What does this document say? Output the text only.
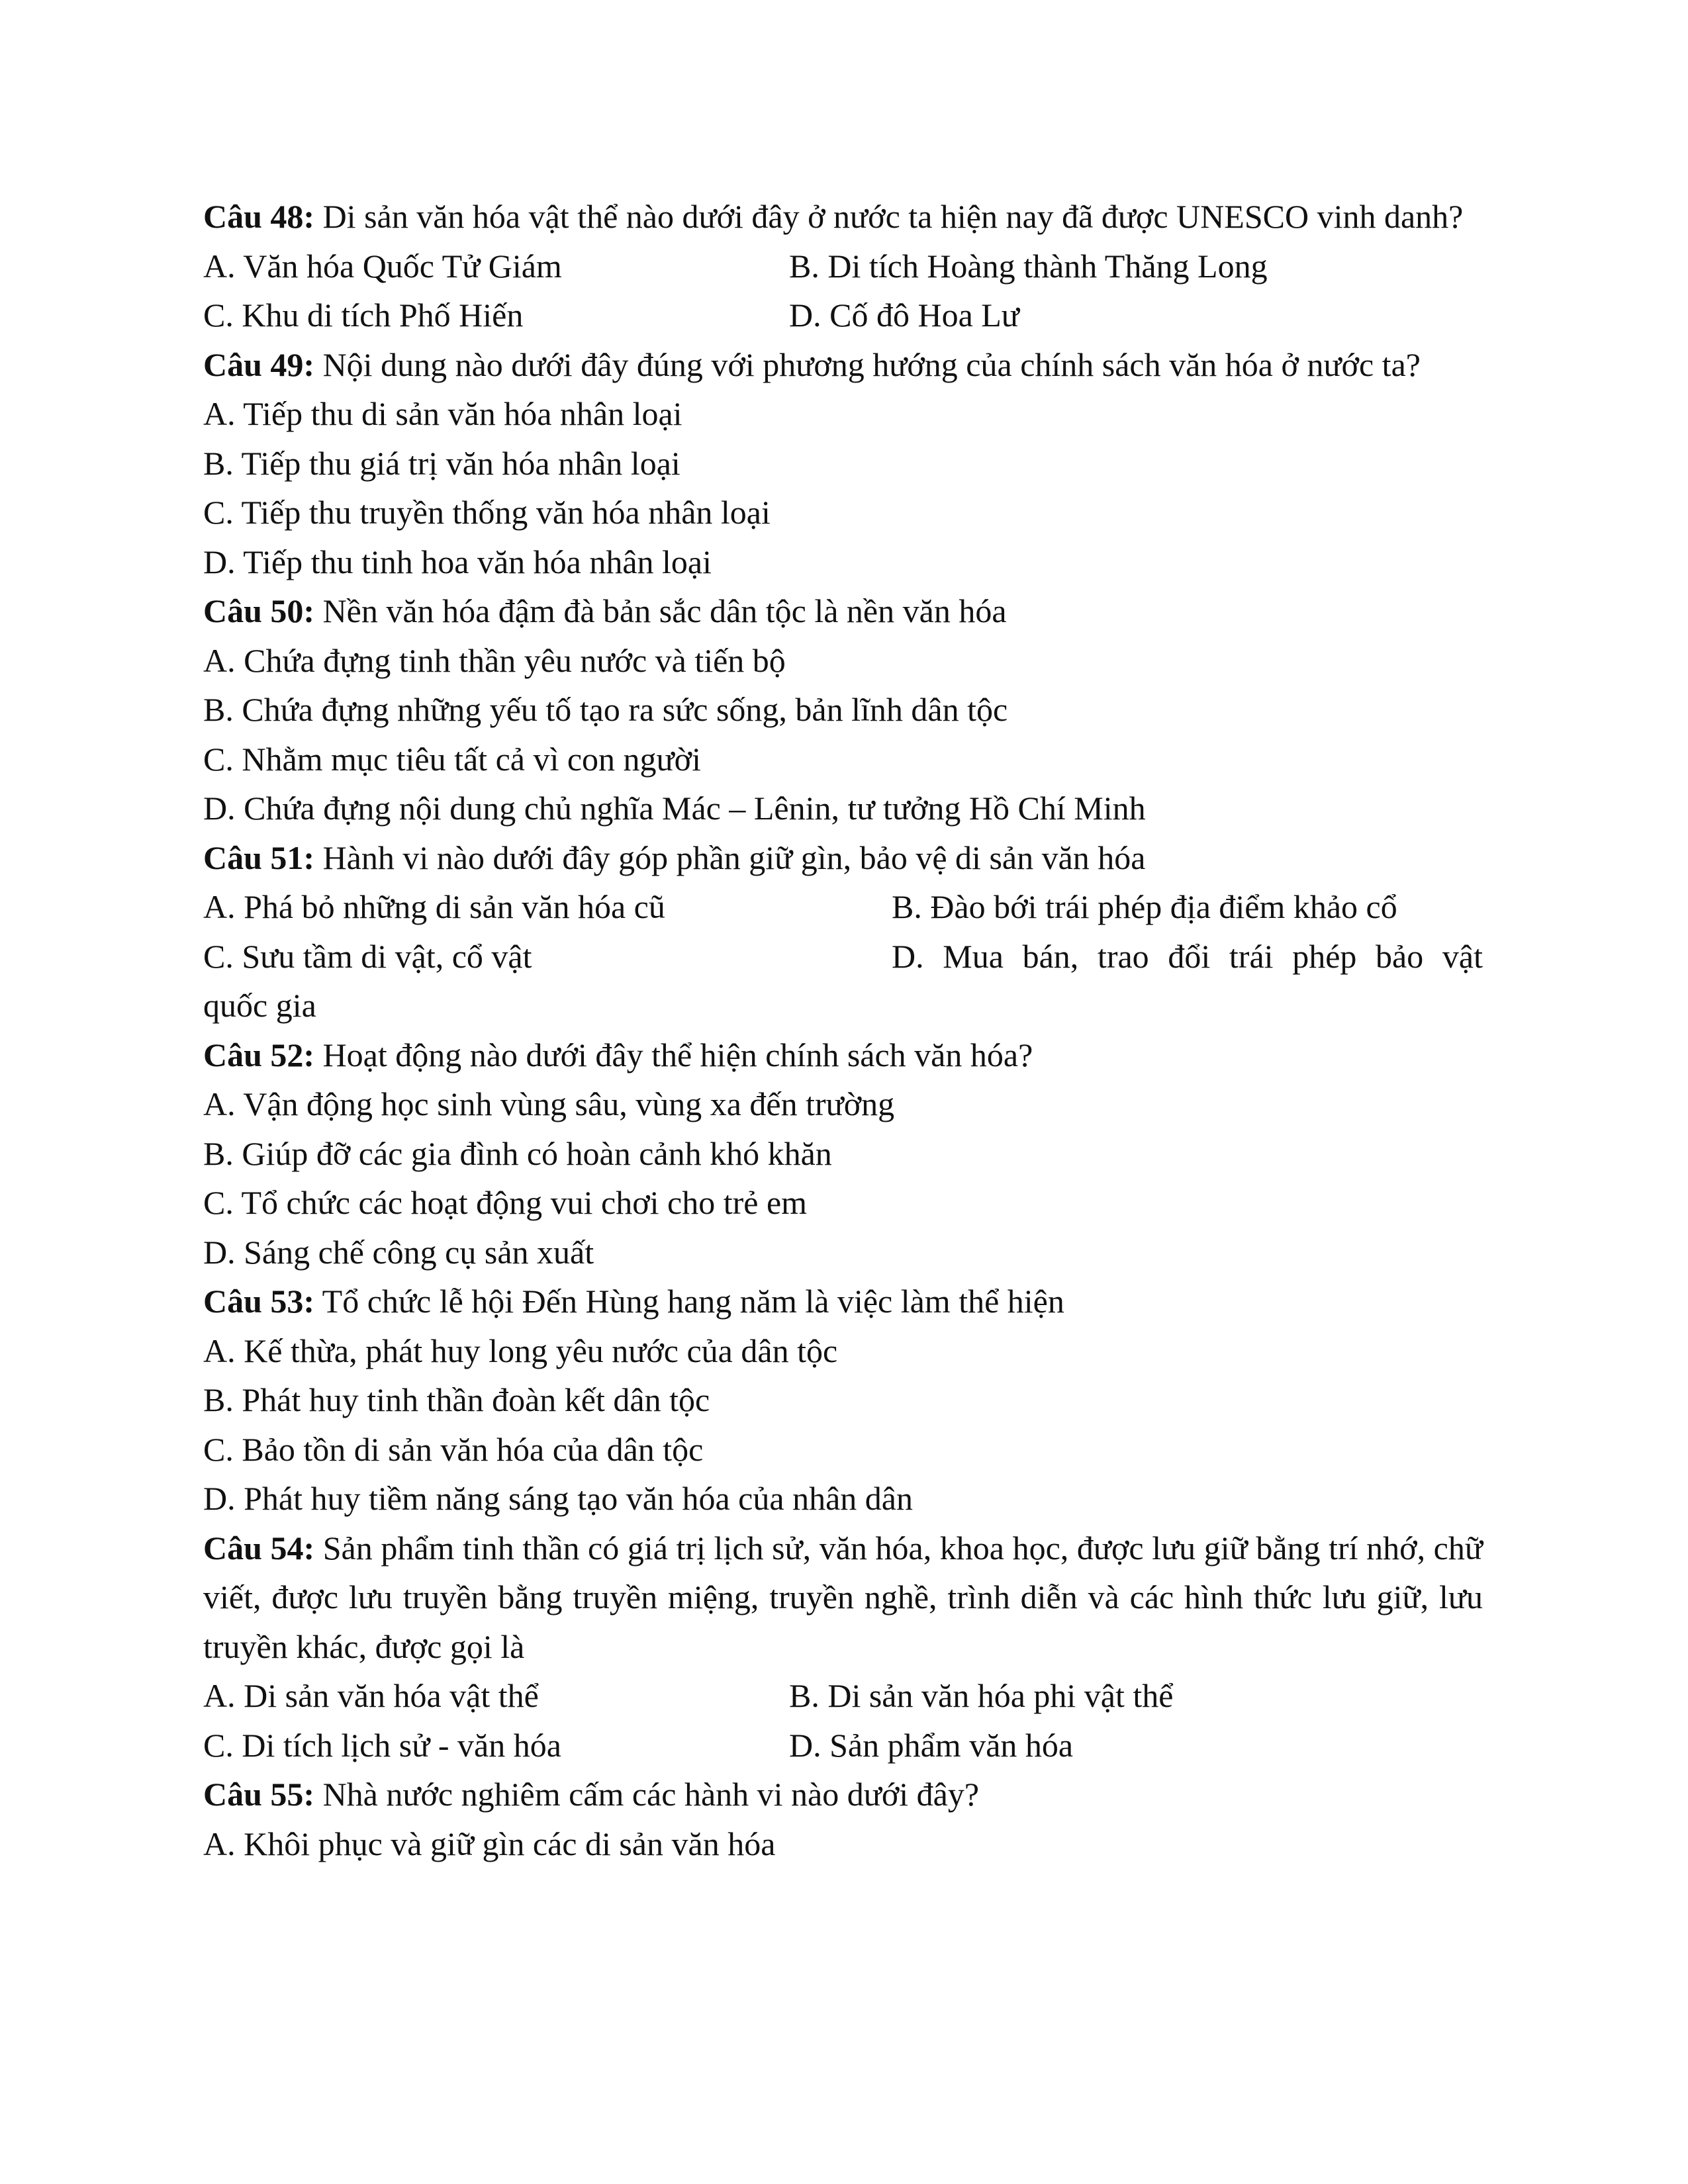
Câu 48: Di sản văn hóa vật thể nào dưới đây ở nước ta hiện nay đã được UNESCO vinh danh?
A. Văn hóa Quốc Tử Giám	B. Di tích Hoàng thành Thăng Long
C. Khu di tích Phố Hiến	D. Cố đô Hoa Lư
Câu 49: Nội dung nào dưới đây đúng với phương hướng của chính sách văn hóa ở nước ta?
A. Tiếp thu di sản văn hóa nhân loại
B. Tiếp thu giá trị văn hóa nhân loại
C. Tiếp thu truyền thống văn hóa nhân loại
D. Tiếp thu tinh hoa văn hóa nhân loại
Câu 50: Nền văn hóa đậm đà bản sắc dân tộc là nền văn hóa
A. Chứa đựng tinh thần yêu nước và tiến bộ
B. Chứa đựng những yếu tố tạo ra sức sống, bản lĩnh dân tộc
C. Nhằm mục tiêu tất cả vì con người
D. Chứa đựng nội dung chủ nghĩa Mác – Lênin, tư tưởng Hồ Chí Minh
Câu 51: Hành vi nào dưới đây góp phần giữ gìn, bảo vệ di sản văn hóa
A. Phá bỏ những di sản văn hóa cũ	B. Đào bới trái phép địa điểm khảo cổ
C. Sưu tầm di vật, cổ vật	D. Mua bán, trao đổi trái phép bảo vật
quốc gia
Câu 52: Hoạt động nào dưới đây thể hiện chính sách văn hóa?
A. Vận động học sinh vùng sâu, vùng xa đến trường
B. Giúp đỡ các gia đình có hoàn cảnh khó khăn
C. Tổ chức các hoạt động vui chơi cho trẻ em
D. Sáng chế công cụ sản xuất
Câu 53: Tổ chức lễ hội Đến Hùng hang năm là việc làm thể hiện
A. Kế thừa, phát huy long yêu nước của dân tộc
B. Phát huy tinh thần đoàn kết dân tộc
C. Bảo tồn di sản văn hóa của dân tộc
D. Phát huy tiềm năng sáng tạo văn hóa của nhân dân
Câu 54: Sản phẩm tinh thần có giá trị lịch sử, văn hóa, khoa học, được lưu giữ bằng trí nhớ, chữ viết, được lưu truyền bằng truyền miệng, truyền nghề, trình diễn và các hình thức lưu giữ, lưu truyền khác, được gọi là
A. Di sản văn hóa vật thể	B. Di sản văn hóa phi vật thể
C. Di tích lịch sử - văn hóa	D. Sản phẩm văn hóa
Câu 55: Nhà nước nghiêm cấm các hành vi nào dưới đây?
A. Khôi phục và giữ gìn các di sản văn hóa
